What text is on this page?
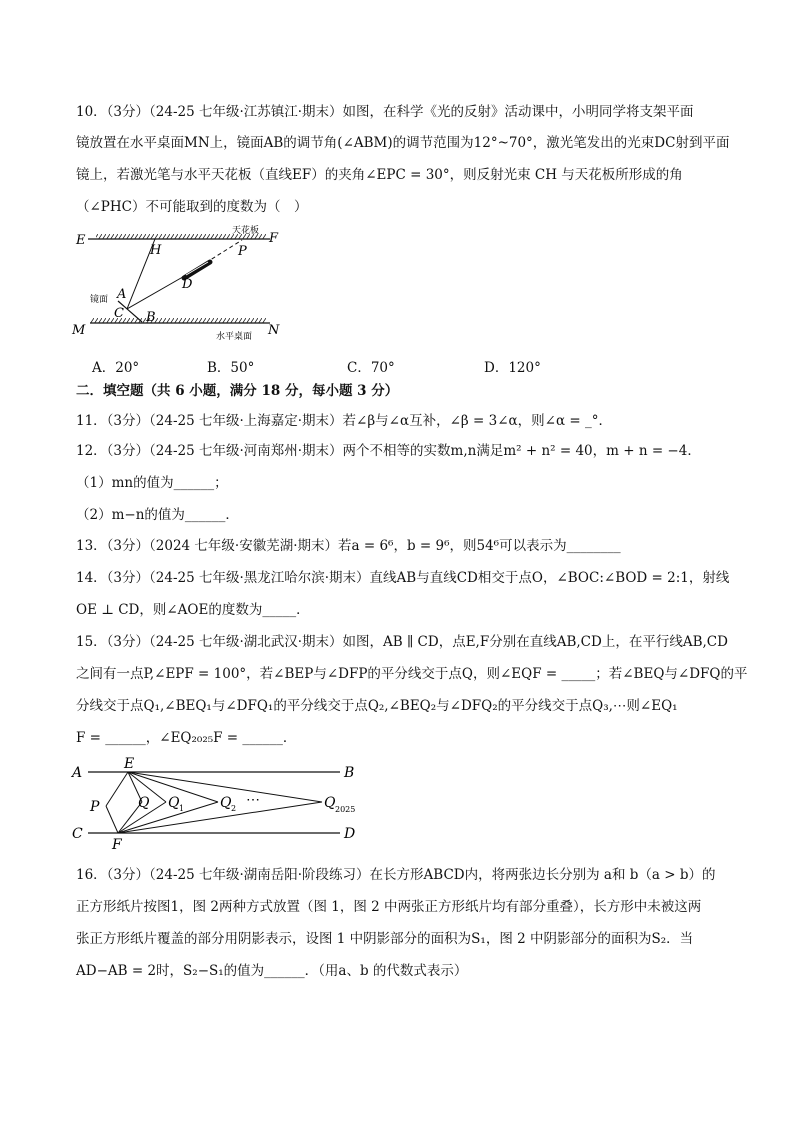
10．（3分）（24-25 七年级·江苏镇江·期末）如图，在科学《光的反射》活动课中，小明同学将支架平面
镜放置在水平桌面MN上，镜面AB的调节角(∠ABM)的调节范围为12°~70°，激光笔发出的光束DC射到平面
镜上，若激光笔与水平天花板（直线EF）的夹角∠EPC = 30°，则反射光束 CH 与天花板所形成的角
（∠PHC）不可能取到的度数为（　）
E	F
H	P
A
D
C B
M	N
天花板
镜面
水平桌面
A．20°	B．50°	C．70°	D．120°
二．填空题（共 6 小题，满分 18 分，每小题 3 分）
11．（3分）（24-25 七年级·上海嘉定·期末）若∠β与∠α互补，∠β = 3∠α，则∠α = _°．
12．（3分）（24-25 七年级·河南郑州·期末）两个不相等的实数m,n满足m² + n² = 40，m + n = −4．
（1）mn的值为______；
（2）m−n的值为______．
13．（3分）（2024 七年级·安徽芜湖·期末）若a = 6⁶，b = 9⁶，则54⁶可以表示为________
14．（3分）（24-25 七年级·黑龙江哈尔滨·期末）直线AB与直线CD相交于点O，∠BOC:∠BOD = 2:1，射线
OE ⊥ CD，则∠AOE的度数为_____．
15．（3分）（24-25 七年级·湖北武汉·期末）如图，AB ∥ CD，点E,F分别在直线AB,CD上，在平行线AB,CD
之间有一点P,∠EPF = 100°，若∠BEP与∠DFP的平分线交于点Q，则∠EQF = _____；若∠BEQ与∠DFQ的平
分线交于点Q₁,∠BEQ₁与∠DFQ₁的平分线交于点Q₂,∠BEQ₂与∠DFQ₂的平分线交于点Q₃,⋯则∠EQ₁
F = ______，∠EQ₂₀₂₅F = ______．
A	B
C	D
E
F
P	Q Q 1	Q 2
⋯	Q 2025
16．（3分）（24-25 七年级·湖南岳阳·阶段练习）在长方形ABCD内，将两张边长分别为 a和 b（a > b）的
正方形纸片按图1，图 2两种方式放置（图 1，图 2 中两张正方形纸片均有部分重叠），长方形中未被这两
张正方形纸片覆盖的部分用阴影表示，设图 1 中阴影部分的面积为S₁，图 2 中阴影部分的面积为S₂．当
AD−AB = 2时，S₂−S₁的值为______．（用a、b 的代数式表示）
